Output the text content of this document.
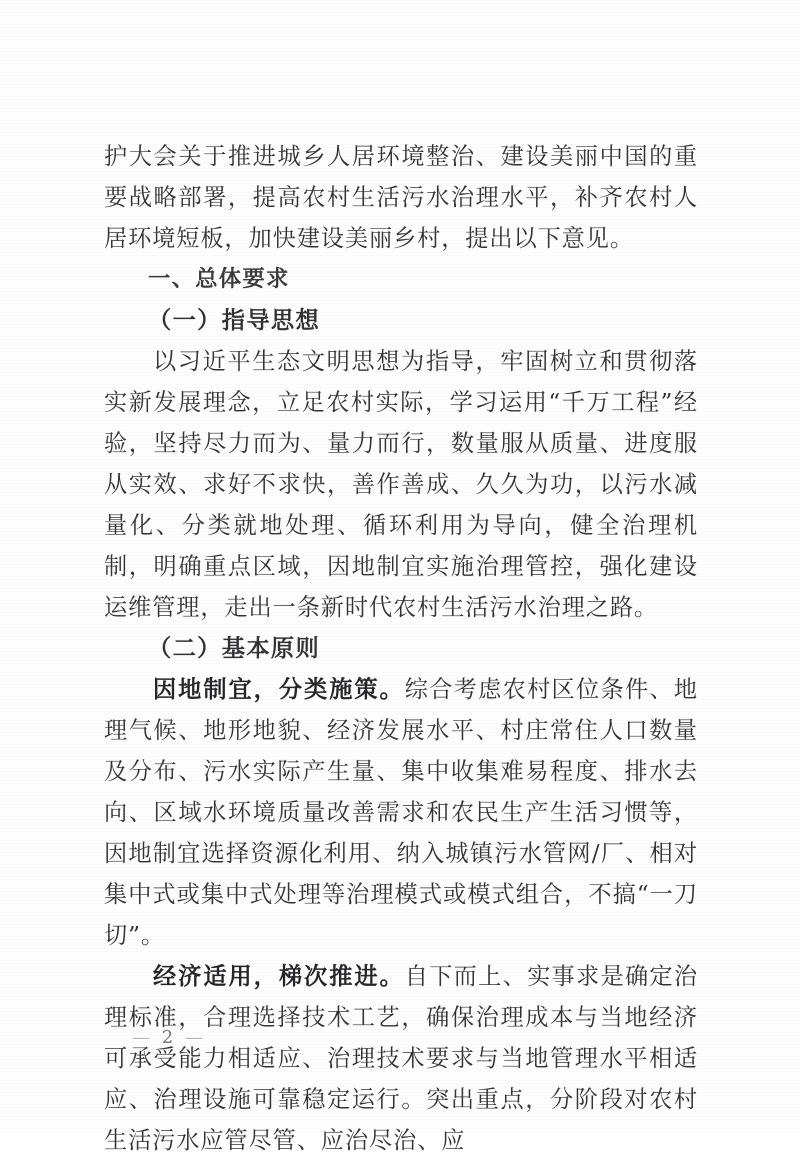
护大会关于推进城乡人居环境整治、建设美丽中国的重要战略部署，提高农村生活污水治理水平，补齐农村人居环境短板，加快建设美丽乡村，提出以下意见。

一、总体要求
（一）指导思想

以习近平生态文明思想为指导，牢固树立和贯彻落实新发展理念，立足农村实际，学习运用“千万工程”经验，坚持尽力而为、量力而行，数量服从质量、进度服从实效、求好不求快，善作善成、久久为功，以污水减量化、分类就地处理、循环利用为导向，健全治理机制，明确重点区域，因地制宜实施治理管控，强化建设运维管理，走出一条新时代农村生活污水治理之路。

（二）基本原则

因地制宜，分类施策。综合考虑农村区位条件、地理气候、地形地貌、经济发展水平、村庄常住人口数量及分布、污水实际产生量、集中收集难易程度、排水去向、区域水环境质量改善需求和农民生产生活习惯等，因地制宜选择资源化利用、纳入城镇污水管网/厂、相对集中式或集中式处理等治理模式或模式组合，不搞“一刀切”。

经济适用，梯次推进。自下而上、实事求是确定治理标准，合理选择技术工艺，确保治理成本与当地经济可承受能力相适应、治理技术要求与当地管理水平相适应、治理设施可靠稳定运行。突出重点，分阶段对农村生活污水应管尽管、应治尽治、应

— 2 —
